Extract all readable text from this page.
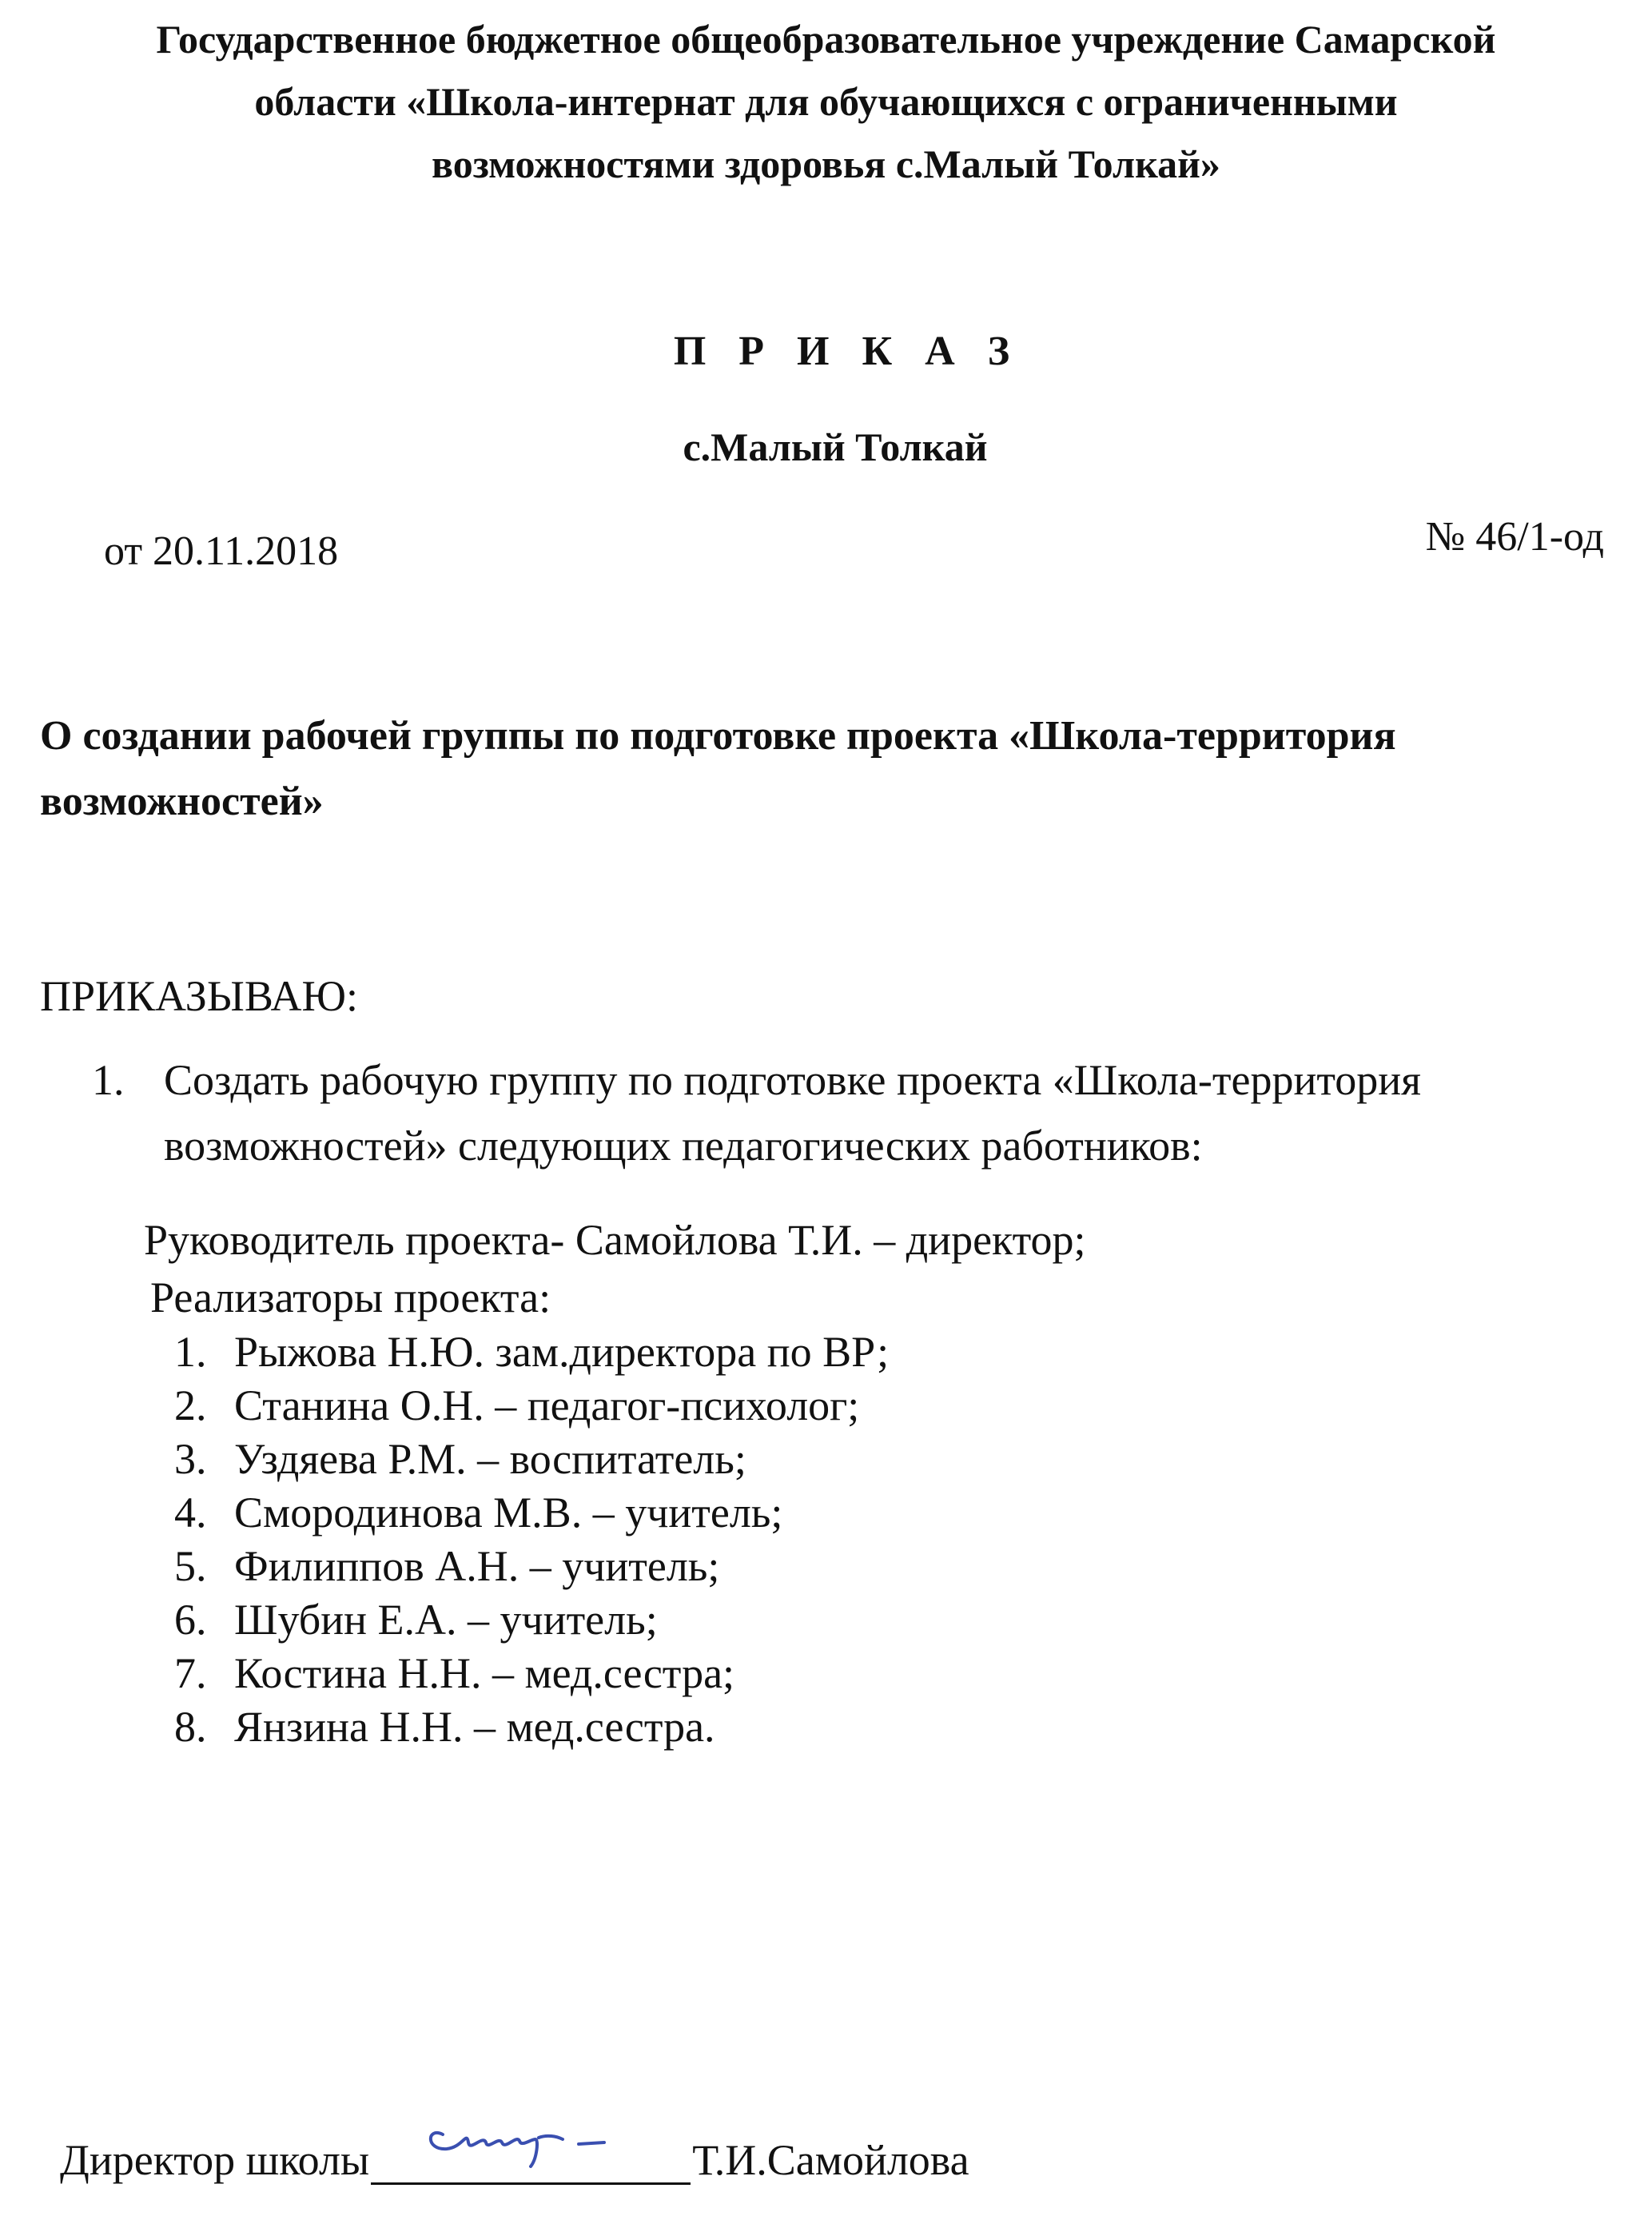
Государственное бюджетное общеобразовательное учреждение Самарской
области «Школа-интернат для обучающихся с ограниченными
возможностями здоровья с.Малый Толкай»
П Р И К А З
с.Малый Толкай
от 20.11.2018	№ 46/1-од
О создании рабочей группы по подготовке проекта «Школа-территория возможностей»
ПРИКАЗЫВАЮ:
1. Создать рабочую группу по подготовке проекта «Школа-территория возможностей» следующих педагогических работников:
Руководитель проекта- Самойлова Т.И. – директор;
Реализаторы проекта:
1. Рыжова Н.Ю. зам.директора по ВР;
2. Станина О.Н. – педагог-психолог;
3. Уздяева Р.М. – воспитатель;
4. Смородинова М.В. – учитель;
5. Филиппов А.Н. – учитель;
6. Шубин Е.А. – учитель;
7. Костина Н.Н. – мед.сестра;
8. Янзина Н.Н. – мед.сестра.
Директор школы	Т.И.Самойлова
